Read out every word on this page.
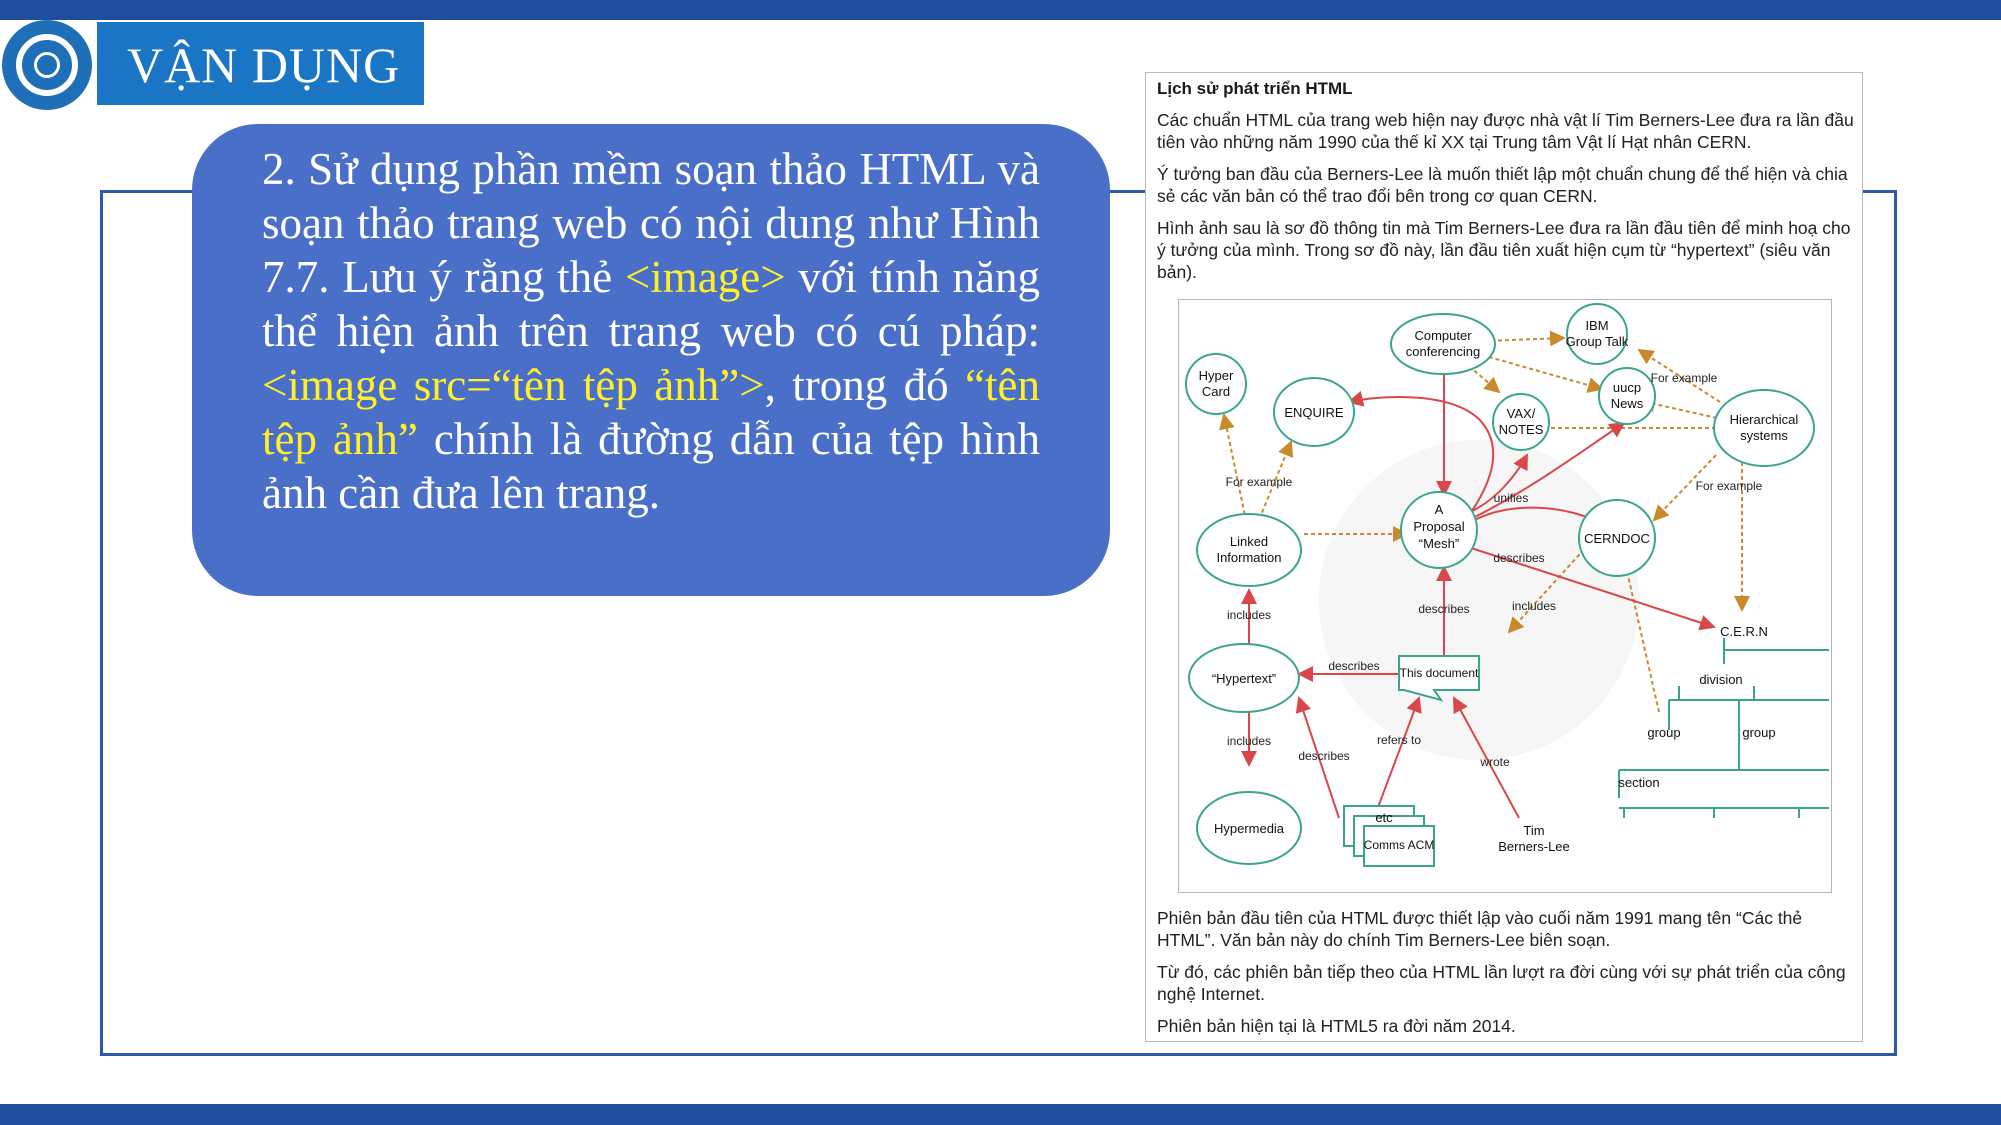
VẬN DỤNG
2. Sử dụng phần mềm soạn thảo HTML và soạn thảo trang web có nội dung như Hình 7.7. Lưu ý rằng thẻ <image> với tính năng thể hiện ảnh trên trang web có cú pháp: <image src=“tên tệp ảnh”>, trong đó “tên tệp ảnh” chính là đường dẫn của tệp hình ảnh cần đưa lên trang.
Lịch sử phát triển HTML
Các chuẩn HTML của trang web hiện nay được nhà vật lí Tim Berners-Lee đưa ra lần đầu tiên vào những năm 1990 của thế kỉ XX tại Trung tâm Vật lí Hạt nhân CERN.
Ý tưởng ban đầu của Berners-Lee là muốn thiết lập một chuẩn chung để thể hiện và chia sẻ các văn bản có thể trao đổi bên trong cơ quan CERN.
Hình ảnh sau là sơ đồ thông tin mà Tim Berners-Lee đưa ra lần đầu tiên để minh hoạ cho ý tưởng của mình. Trong sơ đồ này, lần đầu tiên xuất hiện cụm từ “hypertext” (siêu văn bản).
Computer
conferencing
IBM
Group Talk
Hyper
Card
ENQUIRE	VAX/
NOTES
uucp
News
Hierarchical
systems
Linked
Information
A
Proposal
“Mesh”	CERNDOC
“Hypertext”	This document
Hypermedia
etc
Comms ACM
Tim
Berners-Lee
C.E.R.N
division
group	group
section
For example
For example	For example
unifies
describes
describes
describes
describes
includes
includes
includes	refers to
wrote
Phiên bản đầu tiên của HTML được thiết lập vào cuối năm 1991 mang tên “Các thẻ HTML”. Văn bản này do chính Tim Berners-Lee biên soạn.
Từ đó, các phiên bản tiếp theo của HTML lần lượt ra đời cùng với sự phát triển của công nghệ Internet.
Phiên bản hiện tại là HTML5 ra đời năm 2014.
